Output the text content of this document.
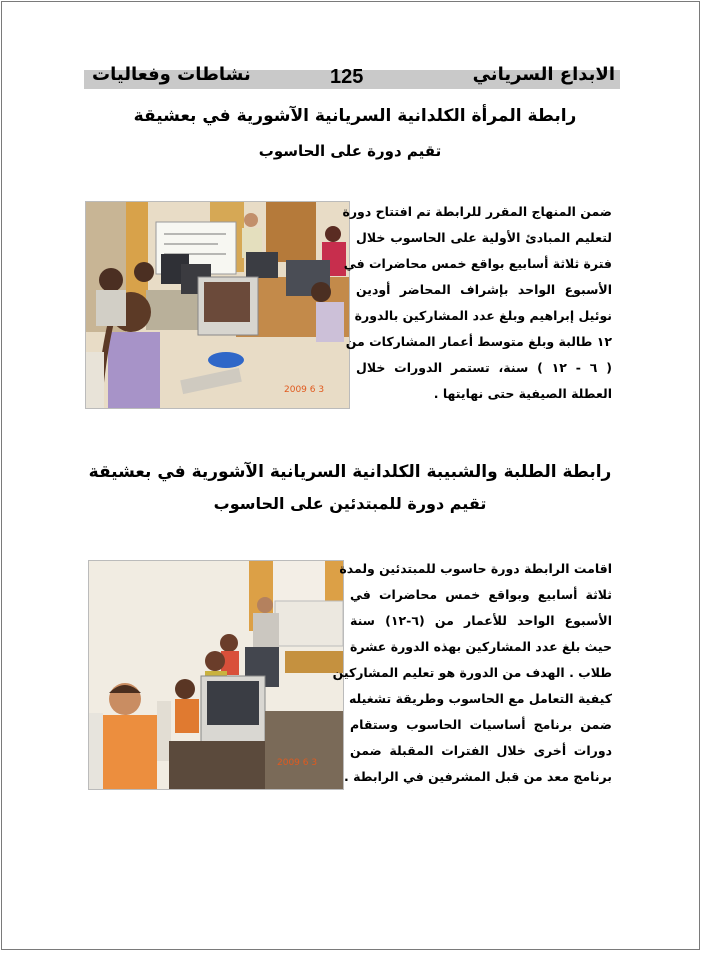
نشاطات وفعاليات	125	الابداع السرياني
رابطة المرأة الكلدانية السريانية الآشورية في بعشيقة
تقيم دورة على الحاسوب
2009 6 3
ضمن المنهاج المقرر للرابطة تم افتتاح دورة
لتعليم المبادئ الأولية على الحاسوب خلال
فترة ثلاثة أسابيع بواقع خمس محاضرات في
الأسبوع الواحد بإشراف المحاضر أودين
نوئيل إبراهيم وبلغ عدد المشاركين بالدورة
١٢ طالبة وبلغ متوسط أعمار المشاركات من
( ٦ - ١٢ ) سنة، تستمر الدورات خلال
العطلة الصيفية حتى نهايتها .
رابطة الطلبة والشبيبة الكلدانية السريانية الآشورية في بعشيقة
تقيم دورة للمبتدئين على الحاسوب
2009 6 3
اقامت الرابطة دورة حاسوب للمبتدئين ولمدة
ثلاثة أسابيع وبواقع خمس محاضرات في
الأسبوع الواحد للأعمار من (٦-١٢) سنة
حيث بلغ عدد المشاركين بهذه الدورة عشرة
طلاب . الهدف من الدورة هو تعليم المشاركين
كيفية التعامل مع الحاسوب وطريقة تشغيله
ضمن برنامج أساسيات الحاسوب وستقام
دورات أخرى خلال الفترات المقبلة ضمن
برنامج معد من قبل المشرفين في الرابطة .
